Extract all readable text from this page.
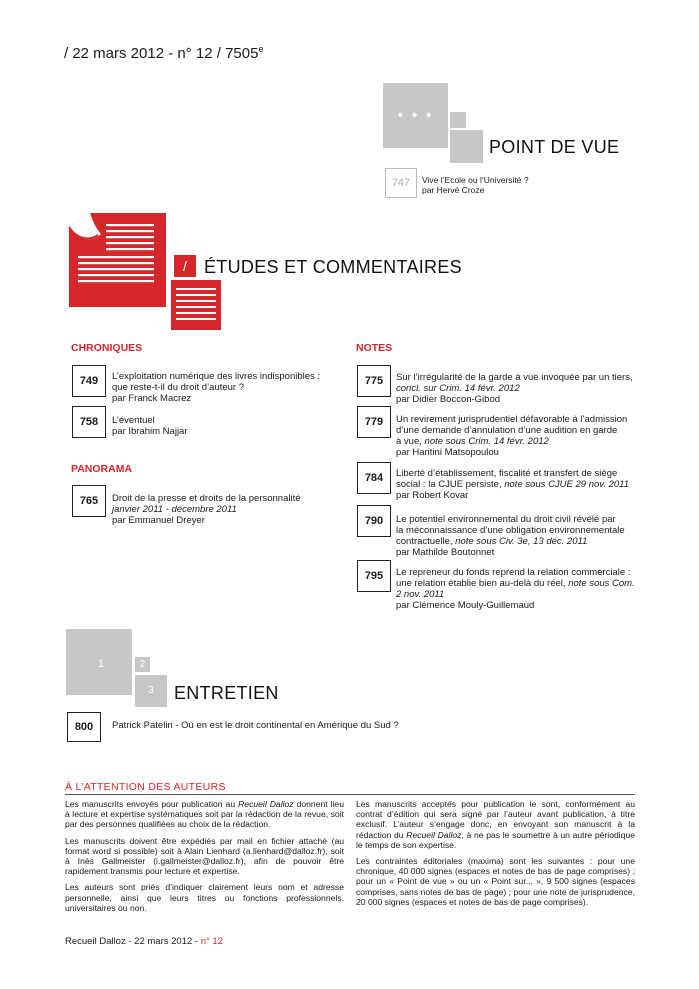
/ 22 mars 2012 - n° 12 / 7505e
• • •
POINT DE VUE
747	Vive l’Ecole ou l’Université ?
par Hervé Croze
/ ÉTUDES ET COMMENTAIRES
CHRONIQUES
749	L’exploitation numérique des livres indisponibles :
que reste-t-il du droit d’auteur ?
par Franck Macrez
758	L’éventuel
par Ibrahim Najjar
PANORAMA
765	Droit de la presse et droits de la personnalité
janvier 2011 - décembre 2011
par Emmanuel Dreyer
NOTES
775	Sur l’irrégularité de la garde à vue invoquée par un tiers,
concl. sur Crim. 14 févr. 2012
par Didier Boccon-Gibod
779	Un revirement jurisprudentiel défavorable à l’admission
d’une demande d’annulation d’une audition en garde
à vue, note sous Crim. 14 févr. 2012
par Haritini Matsopoulou
784	Liberté d’établissement, fiscalité et transfert de siège
social : la CJUE persiste, note sous CJUE 29 nov. 2011
par Robert Kovar
790	Le potentiel environnemental du droit civil révélé par
la méconnaissance d’une obligation environnementale
contractuelle, note sous Civ. 3e, 13 déc. 2011
par Mathilde Boutonnet
795	Le repreneur du fonds reprend la relation commerciale :
une relation établie bien au-delà du réel, note sous Com.
2 nov. 2011
par Clémence Mouly-Guillemaud
1	2
3	ENTRETIEN
800	Patrick Patelin - Où en est le droit continental en Amérique du Sud ?
À L’ATTENTION DES AUTEURS

Les manuscrits envoyés pour publication au Recueil Dalloz donnent lieu à lecture et expertise systématiques soit par la rédaction de la revue, soit par des personnes qualifiées au choix de la rédaction.

Les manuscrits doivent être expédiés par mail en fichier attaché (au format word si possible) soit à Alain Lienhard (a.lienhard@dalloz.fr), soit à Inès Gallmeister (i.gallmeister@dalloz.fr), afin de pouvoir être rapidement transmis pour lecture et expertise.

Les auteurs sont priés d’indiquer clairement leurs nom et adresse personnelle, ainsi que leurs titres ou fonctions professionnels, universitaires ou non.

Les manuscrits acceptés pour publication le sont, conformément au contrat d’édition qui sera signé par l’auteur avant publication, à titre exclusif. L’auteur s’engage donc, en envoyant son manuscrit à la rédaction du Recueil Dalloz, à ne pas le soumettre à un autre périodique le temps de son expertise.

Les contraintes éditoriales (maxima) sont les suivantes : pour une chronique, 40 000 signes (espaces et notes de bas de page comprises) ; pour un « Point de vue » ou un « Point sur... », 9 500 signes (espaces comprises, sans notes de bas de page) ; pour une note de jurisprudence, 20 000 signes (espaces et notes de bas de page comprises).

Recueil Dalloz - 22 mars 2012 - n° 12
